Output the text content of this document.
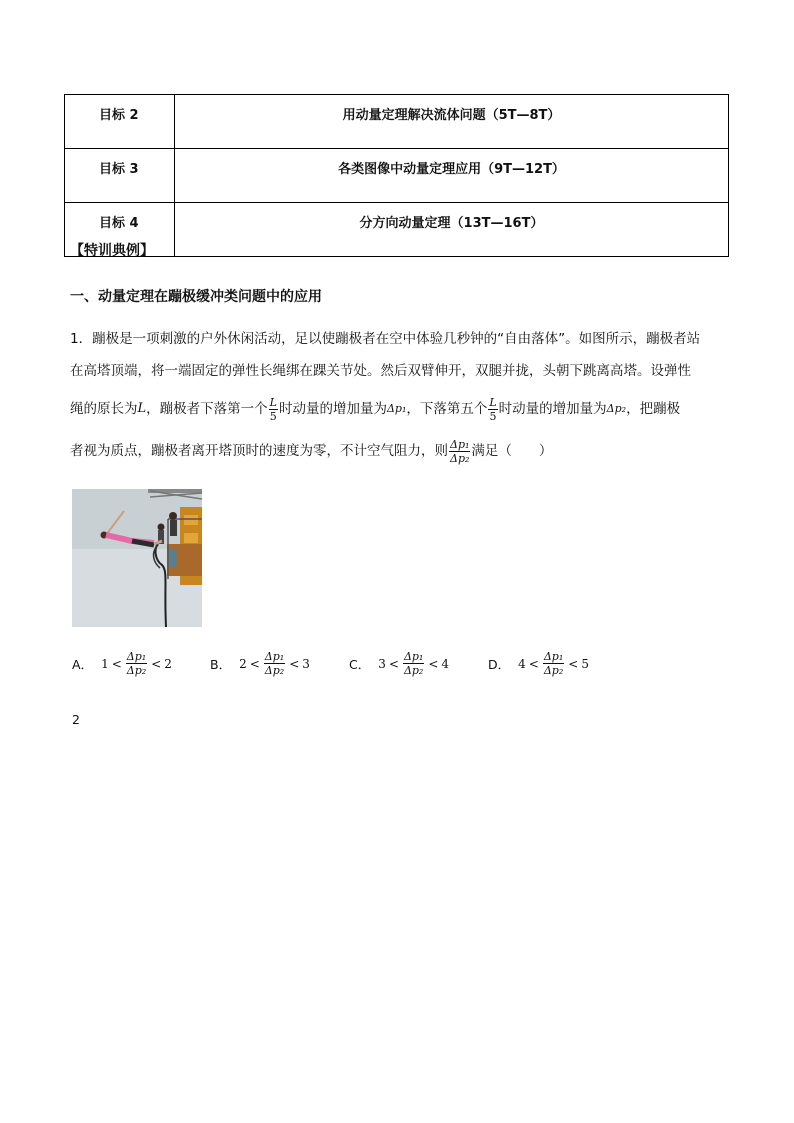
目标 2	用动量定理解决流体问题（5T—8T）
目标 3	各类图像中动量定理应用（9T—12T）
目标 4	分方向动量定理（13T—16T）
【特训典例】
一、动量定理在蹦极缓冲类问题中的应用
1．蹦极是一项刺激的户外休闲活动，足以使蹦极者在空中体验几秒钟的“自由落体”。如图所示，蹦极者站
在高塔顶端，将一端固定的弹性长绳绑在踝关节处。然后双臂伸开，双腿并拢，头朝下跳离高塔。设弹性
绳的原长为 L ，蹦极者下落第一个 $\frac{L}{5}$ 时动量的增加量为 Δp₁ ，下落第五个 $\frac{L}{5}$ 时动量的增加量为 Δp₂ ，把蹦极
者视为质点，蹦极者离开塔顶时的速度为零，不计空气阻力，则 $\frac{\text{Δp₁}}{\text{Δp₂}}$ 满足（　　）
A． $1 < \frac{\text{Δp₁}}{\text{Δp₂}} < 2$	B． $2 < \frac{\text{Δp₁}}{\text{Δp₂}} < 3$	C． $3 < \frac{\text{Δp₁}}{\text{Δp₂}} < 4$	D． $4 < \frac{\text{Δp₁}}{\text{Δp₂}} < 5$
2
